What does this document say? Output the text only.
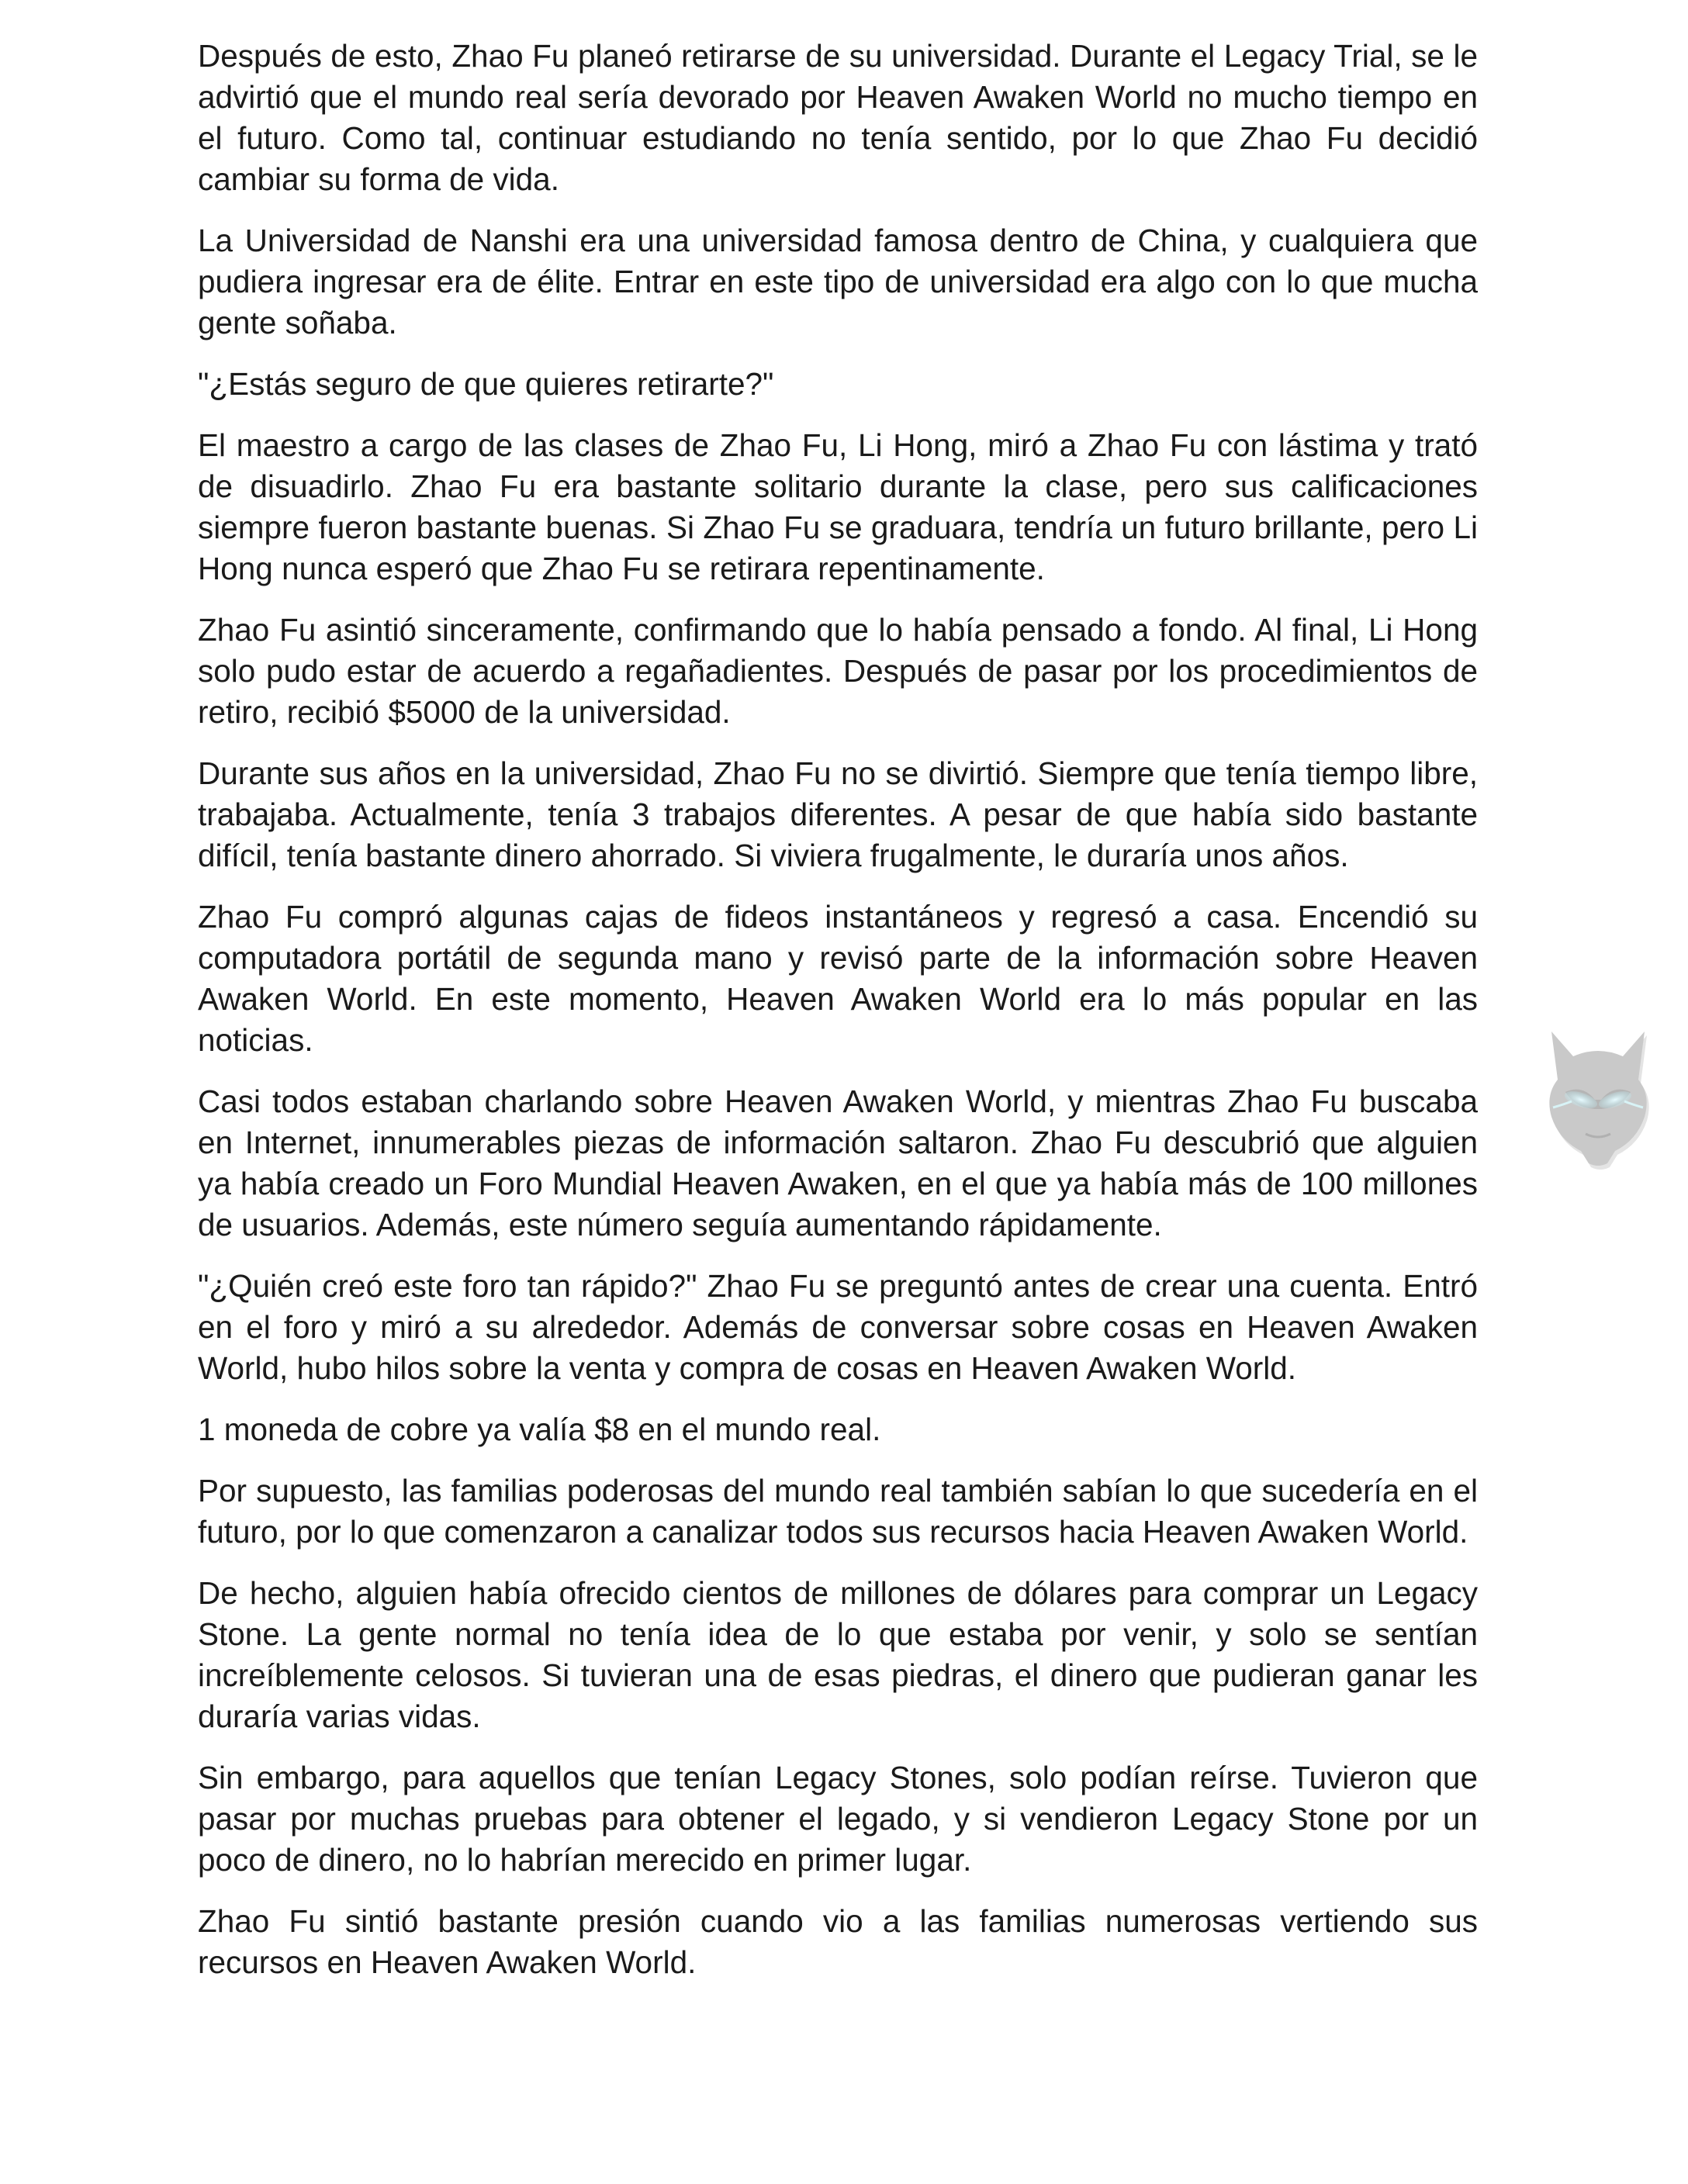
Después de esto, Zhao Fu planeó retirarse de su universidad. Durante el Legacy Trial, se le advirtió que el mundo real sería devorado por Heaven Awaken World no mucho tiempo en el futuro. Como tal, continuar estudiando no tenía sentido, por lo que Zhao Fu decidió cambiar su forma de vida.

La Universidad de Nanshi era una universidad famosa dentro de China, y cualquiera que pudiera ingresar era de élite. Entrar en este tipo de universidad era algo con lo que mucha gente soñaba.

"¿Estás seguro de que quieres retirarte?"

El maestro a cargo de las clases de Zhao Fu, Li Hong, miró a Zhao Fu con lástima y trató de disuadirlo. Zhao Fu era bastante solitario durante la clase, pero sus calificaciones siempre fueron bastante buenas. Si Zhao Fu se graduara, tendría un futuro brillante, pero Li Hong nunca esperó que Zhao Fu se retirara repentinamente.

Zhao Fu asintió sinceramente, confirmando que lo había pensado a fondo. Al final, Li Hong solo pudo estar de acuerdo a regañadientes. Después de pasar por los procedimientos de retiro, recibió $5000 de la universidad.

Durante sus años en la universidad, Zhao Fu no se divirtió. Siempre que tenía tiempo libre, trabajaba. Actualmente, tenía 3 trabajos diferentes. A pesar de que había sido bastante difícil, tenía bastante dinero ahorrado. Si viviera frugalmente, le duraría unos años.

Zhao Fu compró algunas cajas de fideos instantáneos y regresó a casa. Encendió su computadora portátil de segunda mano y revisó parte de la información sobre Heaven Awaken World. En este momento, Heaven Awaken World era lo más popular en las noticias.

Casi todos estaban charlando sobre Heaven Awaken World, y mientras Zhao Fu buscaba en Internet, innumerables piezas de información saltaron. Zhao Fu descubrió que alguien ya había creado un Foro Mundial Heaven Awaken, en el que ya había más de 100 millones de usuarios. Además, este número seguía aumentando rápidamente.

"¿Quién creó este foro tan rápido?" Zhao Fu se preguntó antes de crear una cuenta. Entró en el foro y miró a su alrededor. Además de conversar sobre cosas en Heaven Awaken World, hubo hilos sobre la venta y compra de cosas en Heaven Awaken World.

1 moneda de cobre ya valía $8 en el mundo real.

Por supuesto, las familias poderosas del mundo real también sabían lo que sucedería en el futuro, por lo que comenzaron a canalizar todos sus recursos hacia Heaven Awaken World.

De hecho, alguien había ofrecido cientos de millones de dólares para comprar un Legacy Stone. La gente normal no tenía idea de lo que estaba por venir, y solo se sentían increíblemente celosos. Si tuvieran una de esas piedras, el dinero que pudieran ganar les duraría varias vidas.

Sin embargo, para aquellos que tenían Legacy Stones, solo podían reírse. Tuvieron que pasar por muchas pruebas para obtener el legado, y si vendieron Legacy Stone por un poco de dinero, no lo habrían merecido en primer lugar.

Zhao Fu sintió bastante presión cuando vio a las familias numerosas vertiendo sus recursos en Heaven Awaken World.
